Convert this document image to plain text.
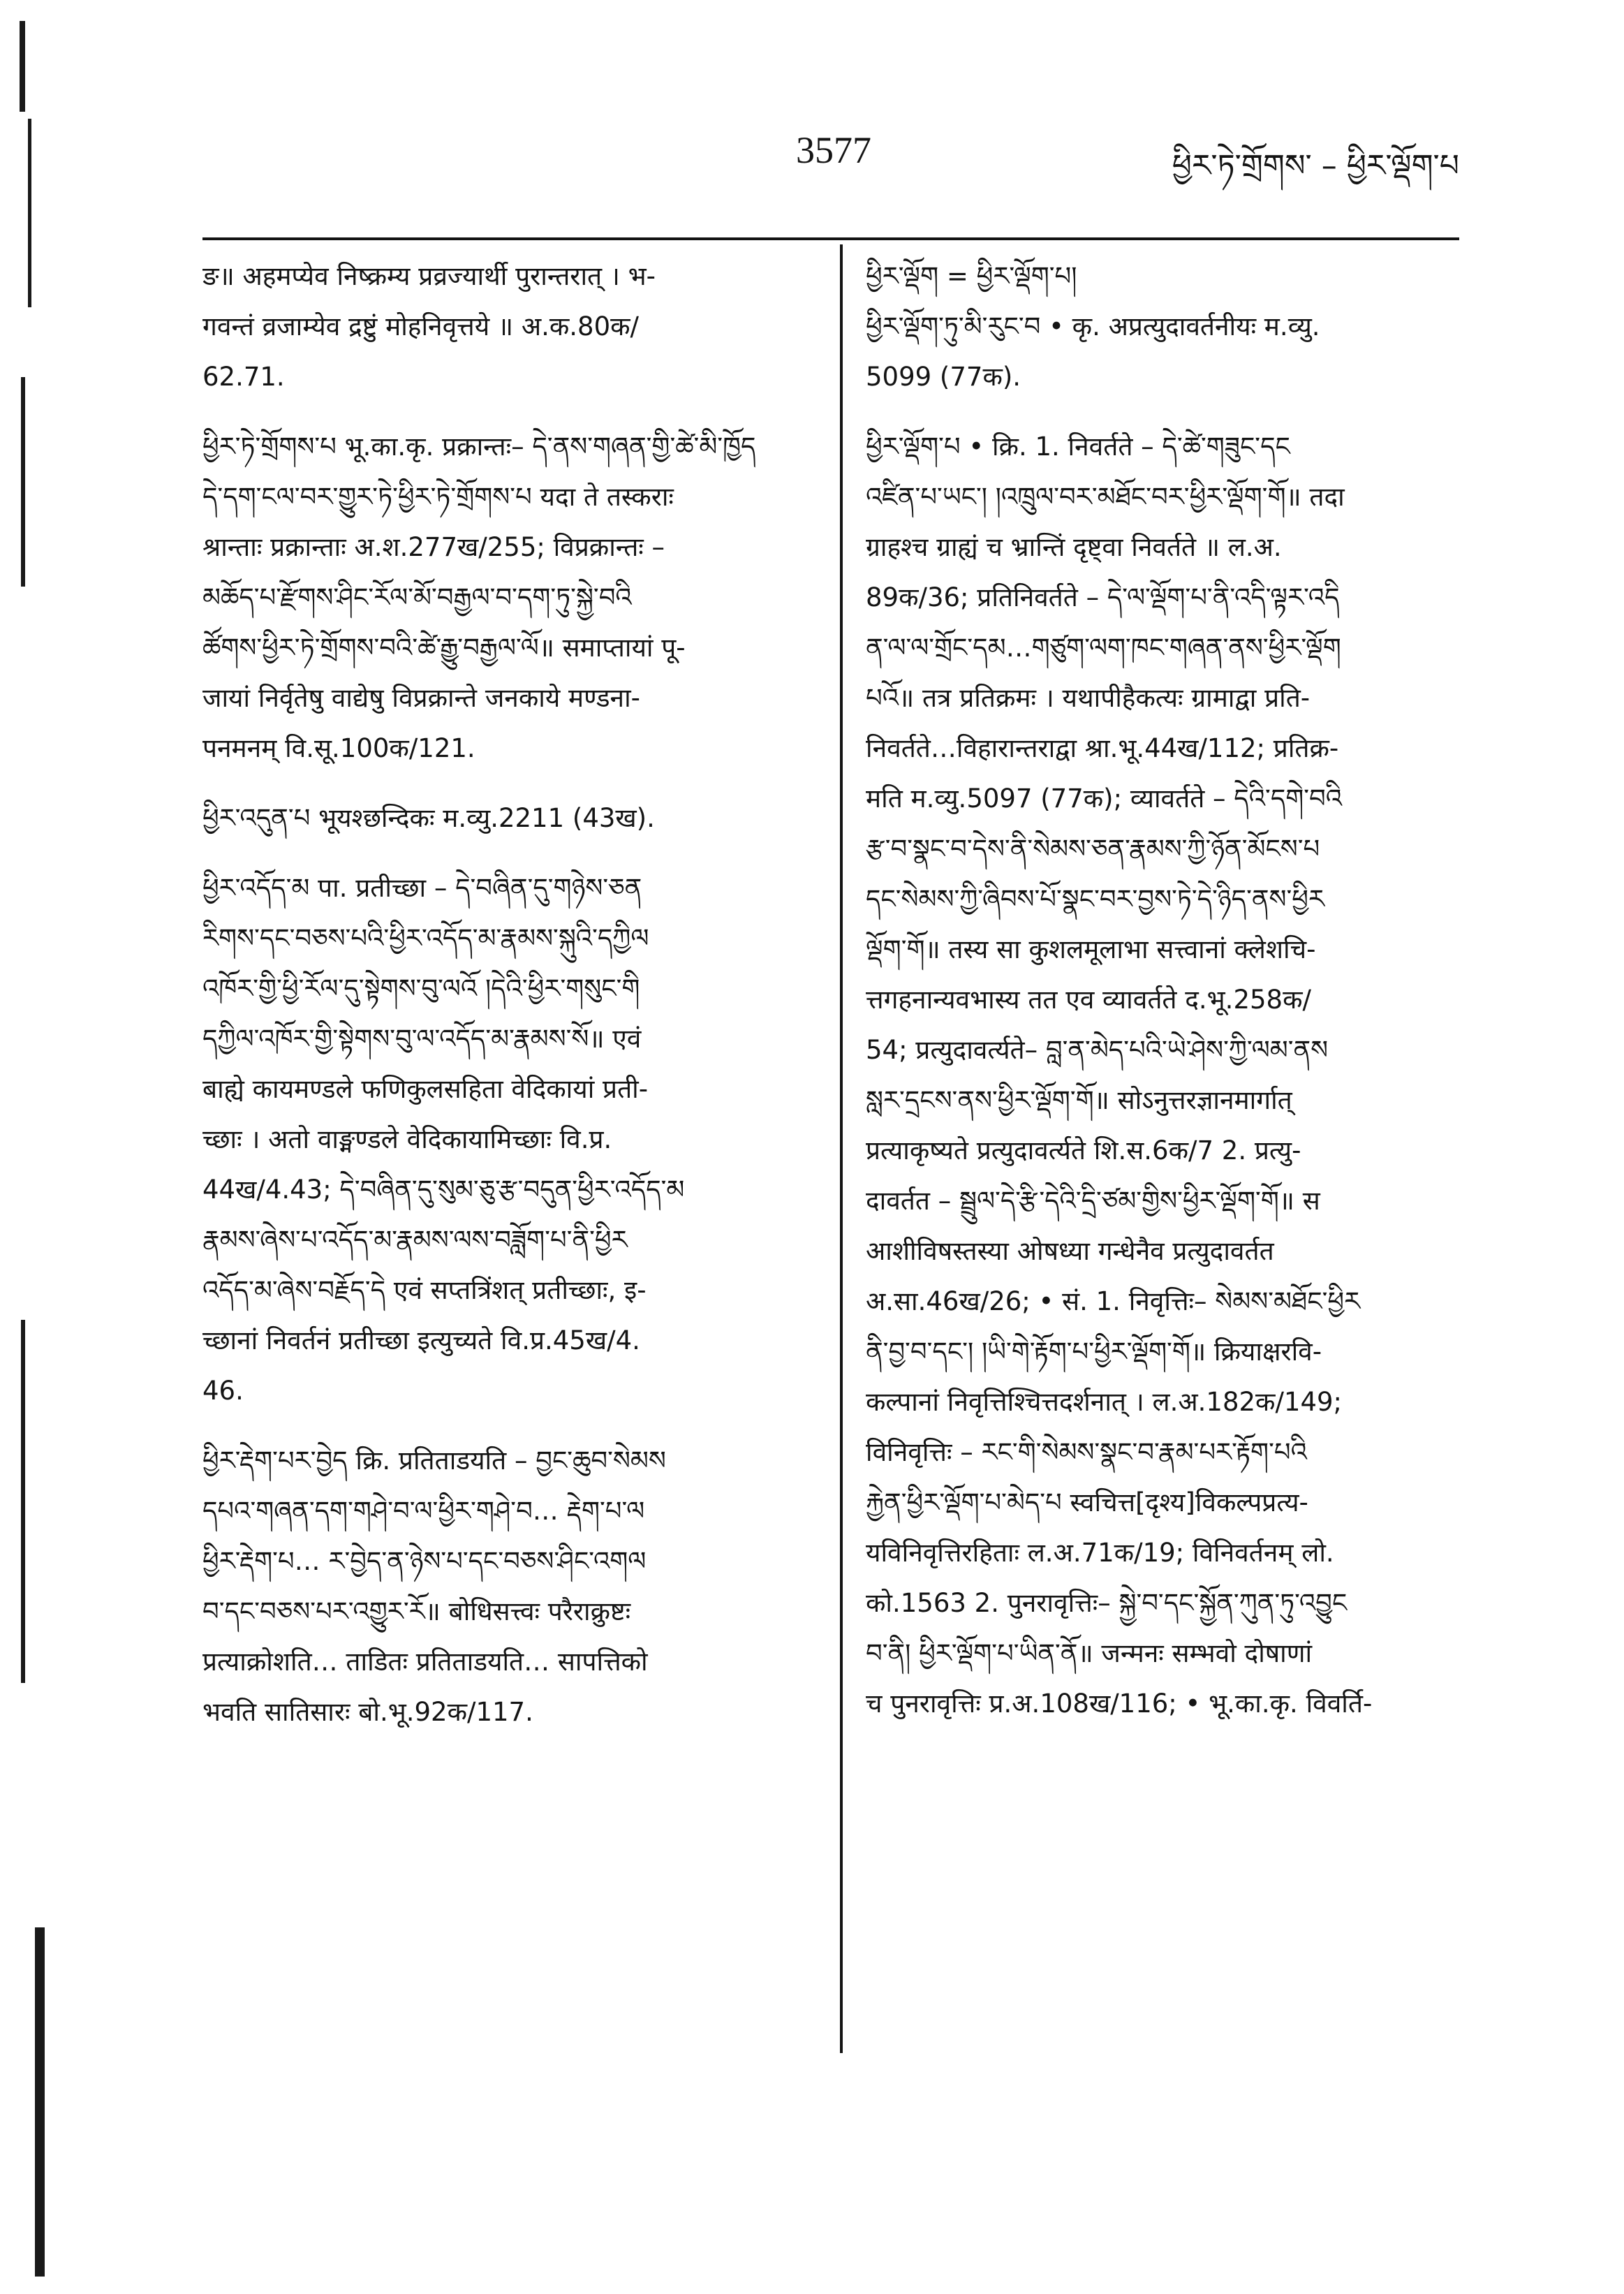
3577	ཕྱིར་ཏེ་གྲོགས་ – ཕྱིར་ལྡོག་པ
ङ॥ अहमप्येव निष्क्रम्य प्रव्रज्यार्थी पुरान्तरात् । भ-
गवन्तं व्रजाम्येव द्रष्टुं मोहनिवृत्तये ॥ अ.क.80क/
62.71.
ཕྱིར་ཏེ་གྲོགས་པ भू.का.कृ. प्रक्रान्तः– དེ་ནས་གཞན་གྱི་ཚེ་མི་ཁྱོད
དེ་དག་ངལ་བར་གྱུར་ཏེ་ཕྱིར་ཏེ་གྲོགས་པ यदा ते तस्कराः
श्रान्ताः प्रक्रान्ताः अ.श.277ख/255; विप्रक्रान्तः –
མཆོད་པ་རྫོགས་ཤིང་རོལ་མོ་བརྒྱལ་བ་དག་ཏུ་སྐྱེ་བའི
ཚོགས་ཕྱིར་ཏེ་གྲོགས་བའི་ཚེ་རྒྱུ་བརྒྱལ་ལོ॥ समाप्तायां पू-
जायां निर्वृतेषु वाद्येषु विप्रक्रान्ते जनकाये मण्डना-
पनमनम् वि.सू.100क/121.
ཕྱིར་འདུན་པ भूयश्छन्दिकः म.व्यु.2211 (43ख).
ཕྱིར་འདོད་མ पा. प्रतीच्छा – དེ་བཞིན་དུ་གཉེས་ཅན
རིགས་དང་བཅས་པའི་ཕྱིར་འདོད་མ་རྣམས་སྐུའི་དཀྱིལ
འཁོར་གྱི་ཕྱི་རོལ་དུ་སྟེགས་བུ་ལའོ །དེའི་ཕྱིར་གསུང་གི
དཀྱིལ་འཁོར་གྱི་སྟེགས་བུ་ལ་འདོད་མ་རྣམས་སོ॥ एवं
बाह्ये कायमण्डले फणिकुलसहिता वेदिकायां प्रती-
च्छाः । अतो वाङ्मण्डले वेदिकायामिच्छाः वि.प्र.
44ख/4.43; དེ་བཞིན་དུ་སུམ་ཅུ་རྩ་བདུན་ཕྱིར་འདོད་མ
རྣམས་ཞེས་པ་འདོད་མ་རྣམས་ལས་བཟློག་པ་ནི་ཕྱིར
འདོད་མ་ཞེས་བརྗོད་དེ एवं सप्तत्रिंशत् प्रतीच्छाः, इ-
च्छानां निवर्तनं प्रतीच्छा इत्युच्यते वि.प्र.45ख/4.
46.
ཕྱིར་རྡེག་པར་བྱེད क्रि. प्रतिताडयति – བྱང་ཆུབ་སེམས
དཔའ་གཞན་དག་གཤེ་བ་ལ་ཕྱིར་གཤེ་བ… རྡེག་པ་ལ
ཕྱིར་རྡེག་པ… ར་བྱེད་ན་ཉེས་པ་དང་བཅས་ཤིང་འགལ
བ་དང་བཅས་པར་འགྱུར་རོ॥ बोधिसत्त्वः परैराक्रुष्टः
प्रत्याक्रोशति… ताडितः प्रतिताडयति… सापत्तिको
भवति सातिसारः बो.भू.92क/117.
ཕྱིར་ལྡོག = ཕྱིར་ལྡོག་པ།
ཕྱིར་ལྡོག་ཏུ་མི་རུང་བ • कृ. अप्रत्युदावर्तनीयः म.व्यु.
5099 (77क).
ཕྱིར་ལྡོག་པ • क्रि. 1. निवर्तते – དེ་ཚེ་གཟུང་དང
འཛིན་པ་ཡང་། །འཁྲུལ་བར་མཐོང་བར་ཕྱིར་ལྡོག་གོ॥ तदा
ग्राहश्च ग्राह्यं च भ्रान्तिं दृष्ट्वा निवर्तते ॥ ल.अ.
89क/36; प्रतिनिवर्तते – དེ་ལ་ལྡོག་པ་ནི་འདི་ལྟར་འདི
ན་ལ་ལ་གྲོང་དམ…གཙུག་ལག་ཁང་གཞན་ནས་ཕྱིར་ལྡོག
པའོ॥ तत्र प्रतिक्रमः । यथापीहैकत्यः ग्रामाद्वा प्रति-
निवर्तते…विहारान्तराद्वा श्रा.भू.44ख/112; प्रतिक्र-
मति म.व्यु.5097 (77क); व्यावर्तते – དེའི་དགེ་བའི
རྩ་བ་སྣང་བ་དེས་ནི་སེམས་ཅན་རྣམས་ཀྱི་ཉོན་མོངས་པ
དང་སེམས་ཀྱི་ཞིབས་པོ་སྣང་བར་བྱས་ཏེ་དེ་ཉིད་ནས་ཕྱིར
ལྡོག་གོ॥ तस्य सा कुशलमूलाभा सत्त्वानां क्लेशचि-
त्तगहनान्यवभास्य तत एव व्यावर्तते द.भू.258क/
54; प्रत्युदावर्त्यते– བླ་ན་མེད་པའི་ཡེ་ཤེས་ཀྱི་ལམ་ནས
སླར་དྲངས་ནས་ཕྱིར་ལྡོག་གོ॥ सोऽनुत्तरज्ञानमार्गात्
प्रत्याकृष्यते प्रत्युदावर्त्यते शि.स.6क/7 2. प्रत्यु-
दावर्तत – སྦྲུལ་དེ་རྩི་དེའི་དྲི་ཙམ་གྱིས་ཕྱིར་ལྡོག་གོ॥ स
आशीविषस्तस्या ओषध्या गन्धेनैव प्रत्युदावर्तत
अ.सा.46ख/26; • सं. 1. निवृत्तिः– སེམས་མཐོང་ཕྱིར
ནི་བྱ་བ་དང་། །ཡི་གེ་རྟོག་པ་ཕྱིར་ལྡོག་གོ॥ क्रियाक्षरवि-
कल्पानां निवृत्तिश्चित्तदर्शनात् । ल.अ.182क/149;
विनिवृत्तिः – རང་གི་སེམས་སྣང་བ་རྣམ་པར་རྟོག་པའི
རྐྱེན་ཕྱིར་ལྡོག་པ་མེད་པ स्वचित्त[दृश्य]विकल्पप्रत्य-
यविनिवृत्तिरहिताः ल.अ.71क/19; विनिवर्तनम् लो.
को.1563 2. पुनरावृत्तिः– སྐྱེ་བ་དང་སྐྱོན་ཀུན་ཏུ་འབྱུང
བ་ནི། ཕྱིར་ལྡོག་པ་ཡིན་ནོ॥ जन्मनः सम्भवो दोषाणां
च पुनरावृत्तिः प्र.अ.108ख/116; • भू.का.कृ. विवर्ति-
